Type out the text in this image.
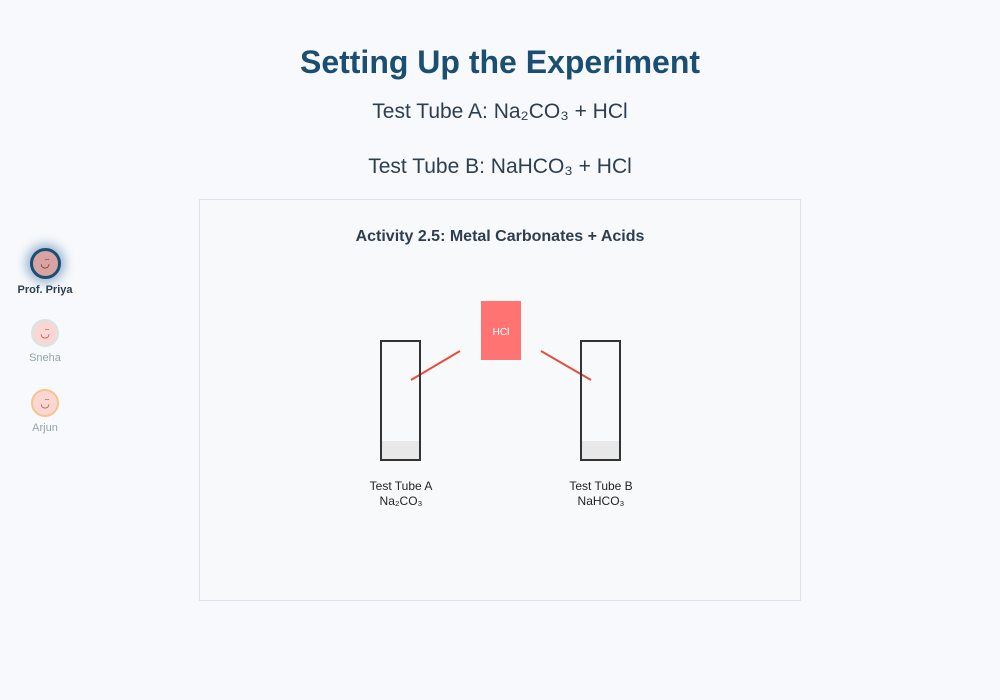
Setting Up the Experiment
Test Tube A: Na₂CO₃ + HCl
Test Tube B: NaHCO₃ + HCl
◡̈
Prof. Priya
◡̈
Sneha
◡̈
Arjun
Activity 2.5: Metal Carbonates + Acids
HCl
Test Tube A
Na₂CO₃
Test Tube B
NaHCO₃
